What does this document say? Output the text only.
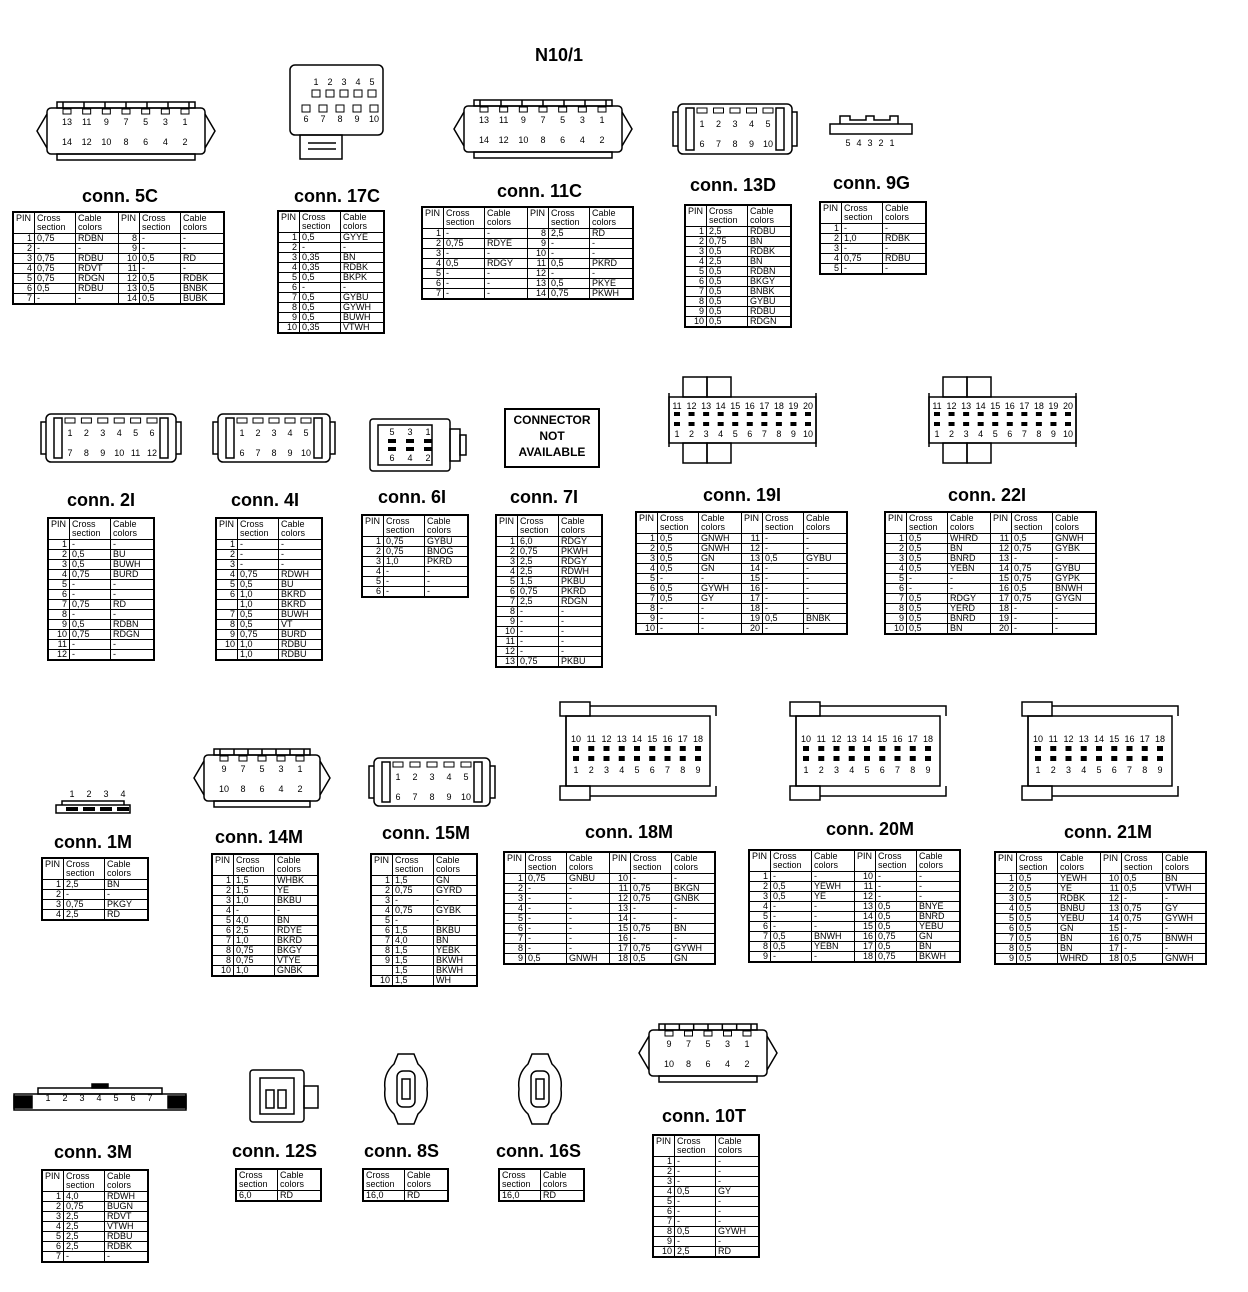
N10/1
CONNECTOR NOT AVAILABLE
conn. 5C
PIN	Cross section	Cable colors	PIN	Cross section	Cable colors
1	0,75	RDBN	8	-	-
2	-	-	9	-	-
3	0,75	RDBU	10	0,5	RD
4	0,75	RDVT	11	-	-
5	0,75	RDGN	12	0,5	RDBK
6	0,5	RDBU	13	0,5	BNBK
7	-	-	14	0,5	BUBK
13 11 9 7 5 3 1
14 12 10 8 6 4 2
conn. 17C
PIN	Cross section	Cable colors
1	0,5	GYYE
2	-	-
3	0,35	BN
4	0,35	RDBK
5	0,5	BKPK
6	-	-
7	0,5	GYBU
8	0,5	GYWH
9	0,5	BUWH
10	0,35	VTWH
1 2 3 4 5
6 7 8 9 10
conn. 11C
PIN	Cross section	Cable colors	PIN	Cross section	Cable colors
1	-	-	8	2,5	RD
2	0,75	RDYE	9	-	-
3	-	-	10	-	-
4	0,5	RDGY	11	0,5	PKRD
5	-	-	12	-	-
6	-	-	13	0,5	PKYE
7	-	-	14	0,75	PKWH
13 11 9 7 5 3 1
14 12 10 8 6 4 2
conn. 13D
PIN	Cross section	Cable colors
1	2,5	RDBU
2	0,75	BN
3	0,5	RDBK
4	2,5	BN
5	0,5	RDBN
6	0,5	BKGY
7	0,5	BNBK
8	0,5	GYBU
9	0,5	RDBU
10	0,5	RDGN
1 2 3 4 5
6 7 8 9 10
conn. 9G
PIN	Cross section	Cable colors
1	-	-
2	1,0	RDBK
3	-	-
4	0,75	RDBU
5	-	-
5 4 3 2 1
conn. 2I
PIN	Cross section	Cable colors
1	-	-
2	0,5	BU
3	0,5	BUWH
4	0,75	BURD
5	-	-
6	-	-
7	0,75	RD
8	-	-
9	0,5	RDBN
10	0,75	RDGN
11	-	-
12	-	-
1 2 3 4 5 6
7 8 9 10 11 12
conn. 4I
PIN	Cross section	Cable colors
1	-	-
2	-	-
3	-	-
4	0,75	RDWH
5	0,5	BU
6	1,0	BKRD
	1,0	BKRD
7	0,5	BUWH
8	0,5	VT
9	0,75	BURD
10	1,0	RDBU
	1,0	RDBU
1 2 3 4 5
6 7 8 9 10
conn. 6I
PIN	Cross section	Cable colors
1	0,75	GYBU
2	0,75	BNOG
3	1,0	PKRD
4	-	-
5	-	-
6	-	-
5 3 1
6 4 2
conn. 7I
PIN	Cross section	Cable colors
1	6,0	RDGY
2	0,75	PKWH
3	2,5	RDGY
4	2,5	RDWH
5	1,5	PKBU
6	0,75	PKRD
7	2,5	RDGN
8	-	-
9	-	-
10	-	-
11	-	-
12	-	-
13	0,75	PKBU
conn. 19I
PIN	Cross section	Cable colors	PIN	Cross section	Cable colors
1	0,5	GNWH	11	-	-
2	0,5	GNWH	12	-	-
3	0,5	GN	13	0,5	GYBU
4	0,5	GN	14	-	-
5	-	-	15	-	-
6	0,5	GYWH	16	-	-
7	0,5	GY	17	-	-
8	-	-	18	-	-
9	-	-	19	0,5	BNBK
10	-	-	20	-	-
11 12 13 14 15 16 17 18 19 20
1 2 3 4 5 6 7 8 9 10
conn. 22I
PIN	Cross section	Cable colors	PIN	Cross section	Cable colors
1	0,5	WHRD	11	0,5	GNWH
2	0,5	BN	12	0,75	GYBK
3	0,5	BNRD	13	-	-
4	0,5	YEBN	14	0,75	GYBU
5	-	-	15	0,75	GYPK
6	-	-	16	0,5	BNWH
7	0,5	RDGY	17	0,75	GYGN
8	0,5	YERD	18	-	-
9	0,5	BNRD	19	-	-
10	0,5	BN	20	-	-
11 12 13 14 15 16 17 18 19 20
1 2 3 4 5 6 7 8 9 10
conn. 1M
PIN	Cross section	Cable colors
1	2,5	BN
2	-	-
3	0,75	PKGY
4	2,5	RD
1 2 3 4
conn. 14M
PIN	Cross section	Cable colors
1	1,5	WHBK
2	1,5	YE
3	1,0	BKBU
4	-	-
5	4,0	BN
6	2,5	RDYE
7	1,0	BKRD
8	0,75	BKGY
8	0,75	VTYE
10	1,0	GNBK
9 7 5 3 1
10 8 6 4 2
conn. 15M
PIN	Cross section	Cable colors
1	1,5	GN
2	0,75	GYRD
3	-	-
4	0,75	GYBK
5	-	-
6	1,5	BKBU
7	4,0	BN
8	1,5	YEBK
9	1,5	BKWH
	1,5	BKWH
10	1,5	WH
1 2 3 4 5
6 7 8 9 10
conn. 18M
PIN	Cross section	Cable colors	PIN	Cross section	Cable colors
1	0,75	GNBU	10	-	-
2	-	-	11	0,75	BKGN
3	-	-	12	0,75	GNBK
4	-	-	13	-	-
5	-	-	14	-	-
6	-	-	15	0,75	BN
7	-	-	16	-	-
8	-	-	17	0,75	GYWH
9	0,5	GNWH	18	0,5	GN
10 11 12 13 14 15 16 17 18
1 2 3 4 5 6 7 8 9
conn. 20M
PIN	Cross section	Cable colors	PIN	Cross section	Cable colors
1	-	-	10	-	-
2	0,5	YEWH	11	-	-
3	0,5	YE	12	-	-
4	-	-	13	0,5	BNYE
5	-	-	14	0,5	BNRD
6	-	-	15	0,5	YEBU
7	0,5	BNWH	16	0,75	GN
8	0,5	YEBN	17	0,5	BN
9	-	-	18	0,75	BKWH
10 11 12 13 14 15 16 17 18
1 2 3 4 5 6 7 8 9
conn. 21M
PIN	Cross section	Cable colors	PIN	Cross section	Cable colors
1	0,5	YEWH	10	0,5	BN
2	0,5	YE	11	0,5	VTWH
3	0,5	RDBK	12	-	-
4	0,5	BNBU	13	0,75	GY
5	0,5	YEBU	14	0,75	GYWH
6	0,5	GN	15	-	-
7	0,5	BN	16	0,75	BNWH
8	0,5	BN	17	-	-
9	0,5	WHRD	18	0,5	GNWH
10 11 12 13 14 15 16 17 18
1 2 3 4 5 6 7 8 9
conn. 3M
PIN	Cross section	Cable colors
1	4,0	RDWH
2	0,75	BUGN
3	2,5	RDVT
4	2,5	VTWH
5	2,5	RDBU
6	2,5	RDBK
7	-	-
1 2 3 4 5 6 7
conn. 12S
Cross section	Cable colors
6,0	RD
conn. 8S
Cross section	Cable colors
16,0	RD
conn. 16S
Cross section	Cable colors
16,0	RD
conn. 10T
PIN	Cross section	Cable colors
1	-	-
2	-	-
3	-	-
4	0,5	GY
5	-	-
6	-	-
7	-	-
8	0,5	GYWH
9	-	-
10	2,5	RD
9 7 5 3 1
10 8 6 4 2
